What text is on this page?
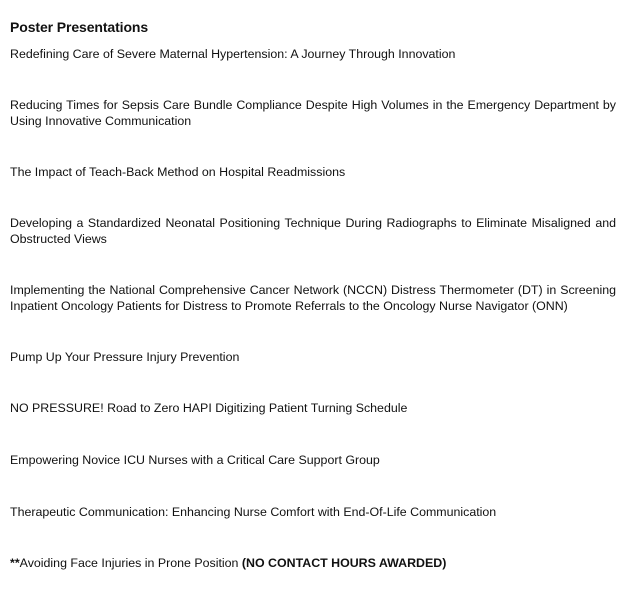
Poster Presentations
Redefining Care of Severe Maternal Hypertension: A Journey Through Innovation
Reducing Times for Sepsis Care Bundle Compliance Despite High Volumes in the Emergency Department by Using Innovative Communication
The Impact of Teach-Back Method on Hospital Readmissions
Developing a Standardized Neonatal Positioning Technique During Radiographs to Eliminate Misaligned and Obstructed Views
Implementing the National Comprehensive Cancer Network (NCCN) Distress Thermometer (DT) in Screening Inpatient Oncology Patients for Distress to Promote Referrals to the Oncology Nurse Navigator (ONN)
Pump Up Your Pressure Injury Prevention
NO PRESSURE! Road to Zero HAPI Digitizing Patient Turning Schedule
Empowering Novice ICU Nurses with a Critical Care Support Group
Therapeutic Communication: Enhancing Nurse Comfort with End-Of-Life Communication
**Avoiding Face Injuries in Prone Position (NO CONTACT HOURS AWARDED)
